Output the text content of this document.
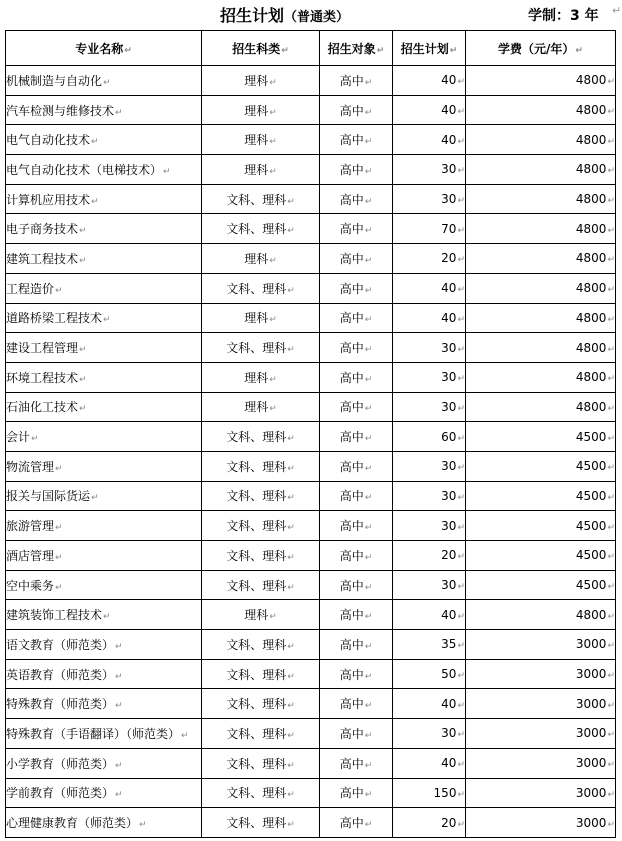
招生计划（普通类）	学制：3 年 ↵
专业名称↵	招生科类↵	招生对象↵	招生计划↵	学费（元/年）↵
机械制造与自动化↵	理科↵	高中↵	40↵	4800↵
汽车检测与维修技术↵	理科↵	高中↵	40↵	4800↵
电气自动化技术↵	理科↵	高中↵	40↵	4800↵
电气自动化技术（电梯技术）↵	理科↵	高中↵	30↵	4800↵
计算机应用技术↵	文科、理科↵	高中↵	30↵	4800↵
电子商务技术↵	文科、理科↵	高中↵	70↵	4800↵
建筑工程技术↵	理科↵	高中↵	20↵	4800↵
工程造价↵	文科、理科↵	高中↵	40↵	4800↵
道路桥梁工程技术↵	理科↵	高中↵	40↵	4800↵
建设工程管理↵	文科、理科↵	高中↵	30↵	4800↵
环境工程技术↵	理科↵	高中↵	30↵	4800↵
石油化工技术↵	理科↵	高中↵	30↵	4800↵
会计↵	文科、理科↵	高中↵	60↵	4500↵
物流管理↵	文科、理科↵	高中↵	30↵	4500↵
报关与国际货运↵	文科、理科↵	高中↵	30↵	4500↵
旅游管理↵	文科、理科↵	高中↵	30↵	4500↵
酒店管理↵	文科、理科↵	高中↵	20↵	4500↵
空中乘务↵	文科、理科↵	高中↵	30↵	4500↵
建筑装饰工程技术↵	理科↵	高中↵	40↵	4800↵
语文教育（师范类）↵	文科、理科↵	高中↵	35↵	3000↵
英语教育（师范类）↵	文科、理科↵	高中↵	50↵	3000↵
特殊教育（师范类）↵	文科、理科↵	高中↵	40↵	3000↵
特殊教育（手语翻译）（师范类）↵	文科、理科↵	高中↵	30↵	3000↵
小学教育（师范类）↵	文科、理科↵	高中↵	40↵	3000↵
学前教育（师范类）↵	文科、理科↵	高中↵	150↵	3000↵
心理健康教育（师范类）↵	文科、理科↵	高中↵	20↵	3000↵
